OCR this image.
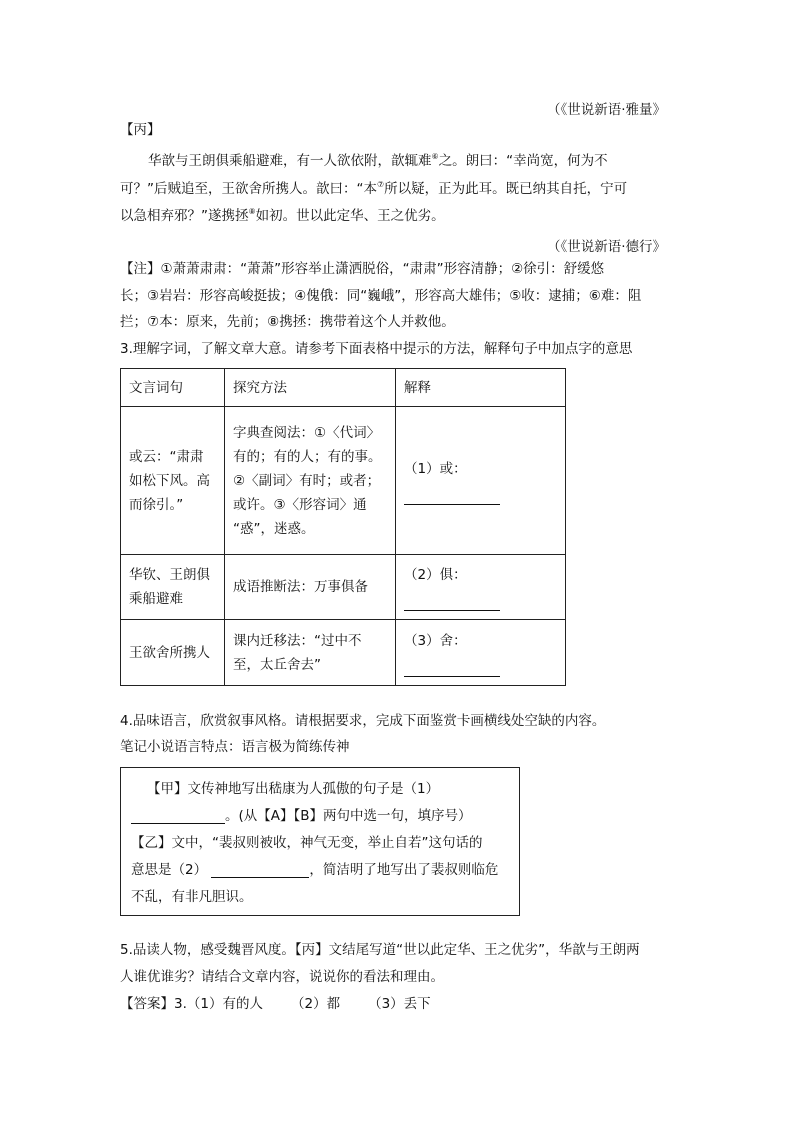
（《世说新语·雅量》
【丙】
华歆与王朗俱乘船避难，有一人欲依附，歆辄难⑥之。朗曰：“幸尚宽，何为不
可？”后贼追至，王欲舍所携人。歆曰：“本⑦所以疑，正为此耳。既已纳其自托，宁可
以急相弃邪？”遂携拯⑧如初。世以此定华、王之优劣。
（《世说新语·德行》
【注】①萧萧肃肃：“萧萧”形容举止潇洒脱俗，“肃肃”形容清静；②徐引：舒缓悠
长；③岩岩：形容高峻挺拔；④傀俄：同“巍峨”，形容高大雄伟；⑤收：逮捕；⑥难：阻
拦；⑦本：原来，先前；⑧携拯：携带着这个人并救他。
3.理解字词，了解文章大意。请参考下面表格中提示的方法，解释句子中加点字的意思
文言词句	探究方法	解释
或云：“肃肃
如松下风。高
而徐引。”	字典查阅法：①〈代词〉
有的；有的人；有的事。
②〈副词〉有时；或者；
或许。③〈形容词〉通
“惑”，迷惑。	（1）或：

华钦、王朗俱
乘船避难	成语推断法：万事俱备	（2）俱：

王欲舍所携人	课内迁移法：“过中不
至，太丘舍去”	（3）舍：

4.品味语言，欣赏叙事风格。请根据要求，完成下面鉴赏卡画横线处空缺的内容。
笔记小说语言特点：语言极为简练传神
【甲】文传神地写出嵇康为人孤傲的句子是（1）
。(从【A】【B】两句中选一句，填序号）
【乙】文中，“裴叔则被收，神气无变，举止自若”这句话的
意思是（2）	，简洁明了地写出了裴叔则临危
不乱，有非凡胆识。
5.品读人物，感受魏晋风度。【丙】文结尾写道“世以此定华、王之优劣”，华歆与王朗两
人谁优谁劣？请结合文章内容，说说你的看法和理由。
【答案】3.（1）有的人 （2）都 （3）丢下
